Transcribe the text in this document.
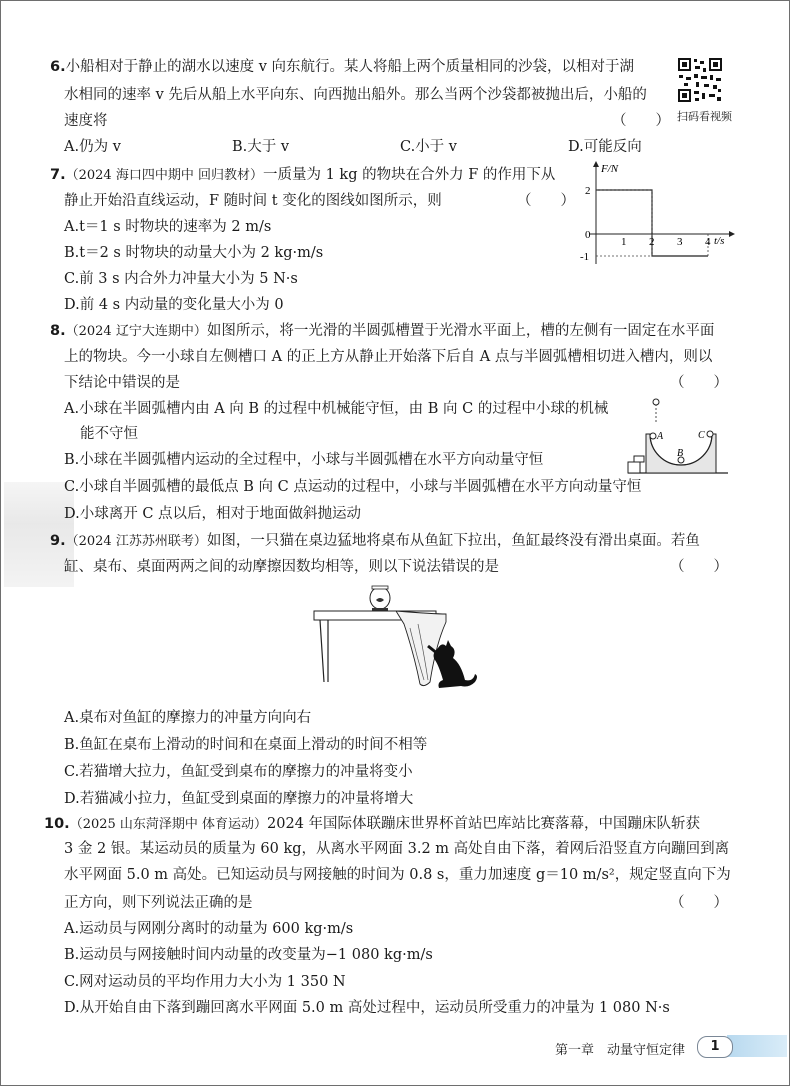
6.小船相对于静止的湖水以速度 v 向东航行。某人将船上两个质量相同的沙袋，以相对于湖
水相同的速率 v 先后从船上水平向东、向西抛出船外。那么当两个沙袋都被抛出后，小船的
速度将	（　　）
A.仍为 v	B.大于 v	C.小于 v	D.可能反向
扫码看视频
7.（2024 海口四中期中 回归教材）一质量为 1 kg 的物块在合外力 F 的作用下从
静止开始沿直线运动，F 随时间 t 变化的图线如图所示，则	（　　）
A.t＝1 s 时物块的速率为 2 m/s
B.t＝2 s 时物块的动量大小为 2 kg·m/s
C.前 3 s 内合外力冲量大小为 5 N·s
D.前 4 s 内动量的变化量大小为 0
F/N
t/s
1 2 3 4
2
0
-1
8.（2024 辽宁大连期中）如图所示，将一光滑的半圆弧槽置于光滑水平面上，槽的左侧有一固定在水平面
上的物块。今一小球自左侧槽口 A 的正上方从静止开始落下后自 A 点与半圆弧槽相切进入槽内，则以
下结论中错误的是	（　　）
A.小球在半圆弧槽内由 A 向 B 的过程中机械能守恒，由 B 向 C 的过程中小球的机械
能不守恒
B.小球在半圆弧槽内运动的全过程中，小球与半圆弧槽在水平方向动量守恒
C.小球自半圆弧槽的最低点 B 向 C 点运动的过程中，小球与半圆弧槽在水平方向动量守恒
D.小球离开 C 点以后，相对于地面做斜抛运动
A
B
C
9.（2024 江苏苏州联考）如图，一只猫在桌边猛地将桌布从鱼缸下拉出，鱼缸最终没有滑出桌面。若鱼
缸、桌布、桌面两两之间的动摩擦因数均相等，则以下说法错误的是	（　　）
A.桌布对鱼缸的摩擦力的冲量方向向右
B.鱼缸在桌布上滑动的时间和在桌面上滑动的时间不相等
C.若猫增大拉力，鱼缸受到桌布的摩擦力的冲量将变小
D.若猫减小拉力，鱼缸受到桌面的摩擦力的冲量将增大
10.（2025 山东菏泽期中 体育运动）2024 年国际体联蹦床世界杯首站巴库站比赛落幕，中国蹦床队斩获
3 金 2 银。某运动员的质量为 60 kg，从离水平网面 3.2 m 高处自由下落，着网后沿竖直方向蹦回到离
水平网面 5.0 m 高处。已知运动员与网接触的时间为 0.8 s，重力加速度 g＝10 m/s²，规定竖直向下为
正方向，则下列说法正确的是	（　　）
A.运动员与网刚分离时的动量为 600 kg·m/s
B.运动员与网接触时间内动量的改变量为−1 080 kg·m/s
C.网对运动员的平均作用力大小为 1 350 N
D.从开始自由下落到蹦回离水平网面 5.0 m 高处过程中，运动员所受重力的冲量为 1 080 N·s
第一章　动量守恒定律	1
